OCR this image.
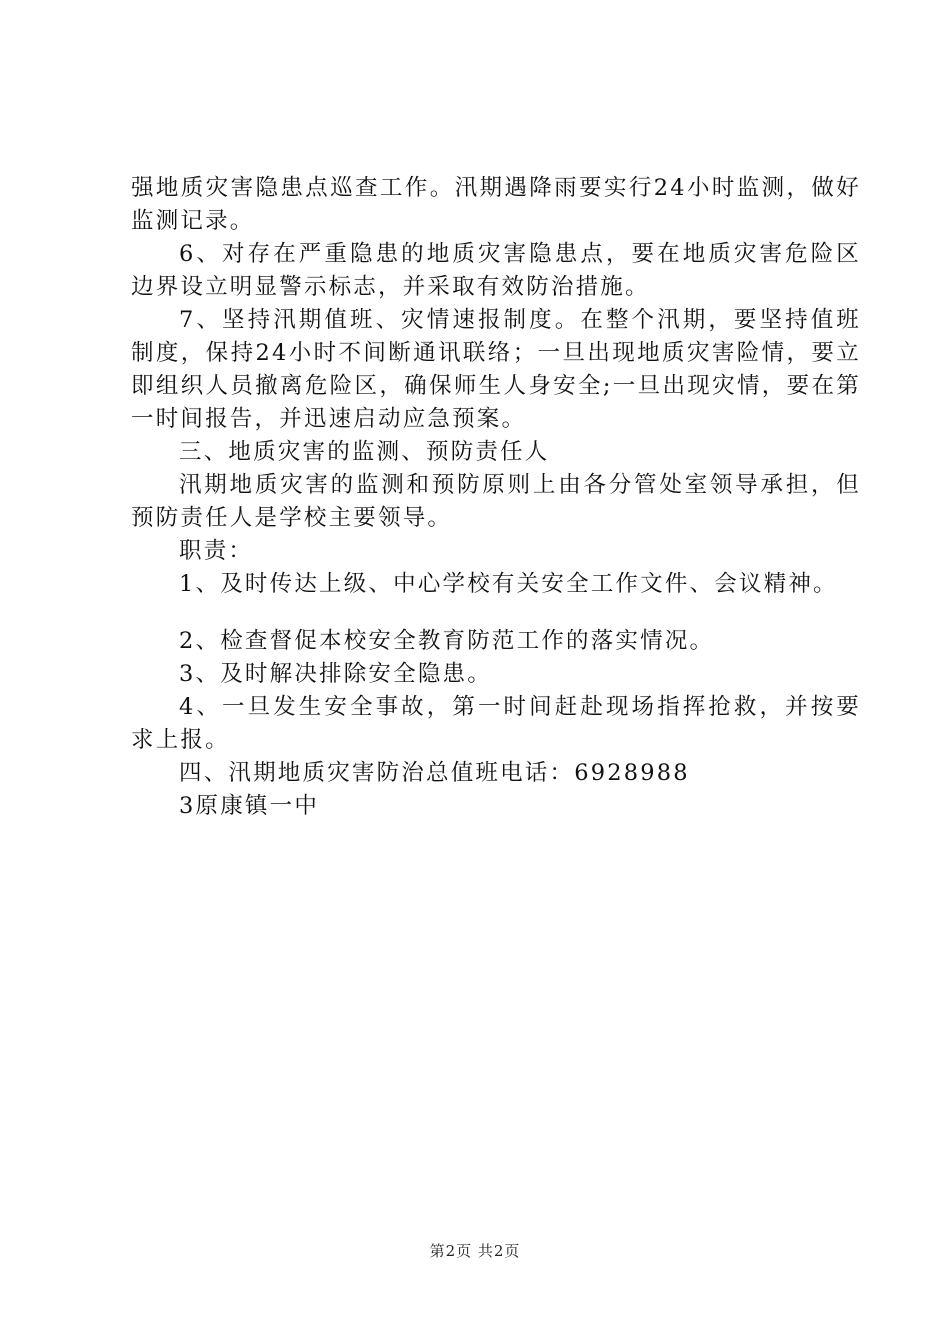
强地质灾害隐患点巡查工作。汛期遇降雨要实行24小时监测，做好监测记录。

6、对存在严重隐患的地质灾害隐患点，要在地质灾害危险区边界设立明显警示标志，并采取有效防治措施。

7、坚持汛期值班、灾情速报制度。在整个汛期，要坚持值班制度，保持24小时不间断通讯联络；一旦出现地质灾害险情，要立即组织人员撤离危险区，确保师生人身安全;一旦出现灾情，要在第一时间报告，并迅速启动应急预案。

三、地质灾害的监测、预防责任人

汛期地质灾害的监测和预防原则上由各分管处室领导承担，但预防责任人是学校主要领导。

职责：

1、及时传达上级、中心学校有关安全工作文件、会议精神。

2、检查督促本校安全教育防范工作的落实情况。

3、及时解决排除安全隐患。

4、一旦发生安全事故，第一时间赶赴现场指挥抢救，并按要求上报。

四、汛期地质灾害防治总值班电话：6928988

3原康镇一中

第2页 共2页
